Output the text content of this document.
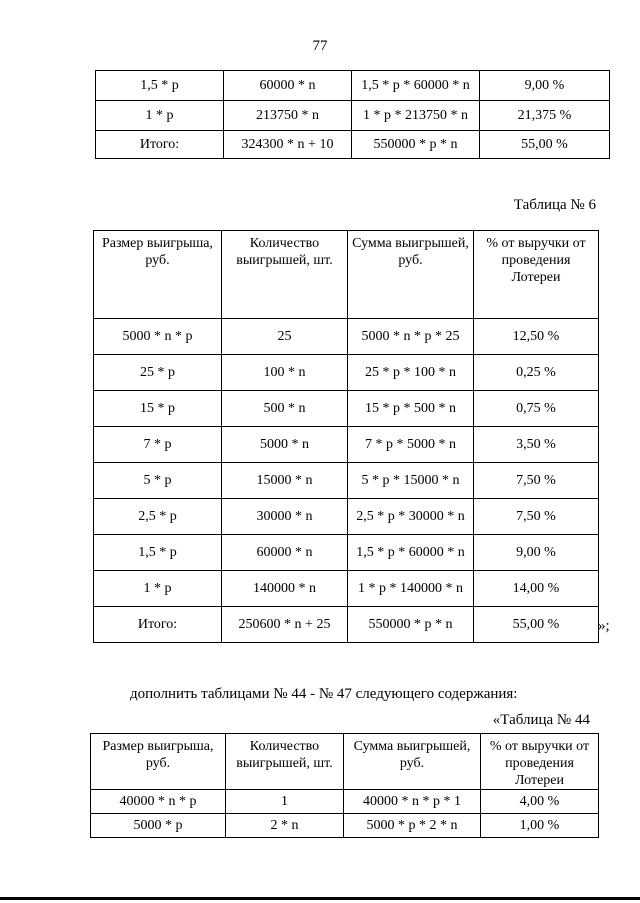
77
1,5 * p	60000 * n	1,5 * p * 60000 * n	9,00 %
1 * p	213750 * n	1 * p * 213750 * n	21,375 %
Итого:	324300 * n + 10	550000 * p * n	55,00 %
Таблица № 6
Размер выигрыша, руб.	Количество выигрышей, шт.	Сумма выигрышей, руб.	% от выручки от проведения Лотереи
5000 * n * p	25	5000 * n * p * 25	12,50 %
25 * p	100 * n	25 * p * 100 * n	0,25 %
15 * p	500 * n	15 * p * 500 * n	0,75 %
7 * p	5000 * n	7 * p * 5000 * n	3,50 %
5 * p	15000 * n	5 * p * 15000 * n	7,50 %
2,5 * p	30000 * n	2,5 * p * 30000 * n	7,50 %
1,5 * p	60000 * n	1,5 * p * 60000 * n	9,00 %
1 * p	140000 * n	1 * p * 140000 * n	14,00 %
Итого:	250600 * n + 25	550000 * p * n	55,00 %	»;
дополнить таблицами № 44 - № 47 следующего содержания:
«Таблица № 44
Размер выигрыша, руб.	Количество выигрышей, шт.	Сумма выигрышей, руб.	% от выручки от проведения Лотереи
40000 * n * p	1	40000 * n * p * 1	4,00 %
5000 * p	2 * n	5000 * p * 2 * n	1,00 %
